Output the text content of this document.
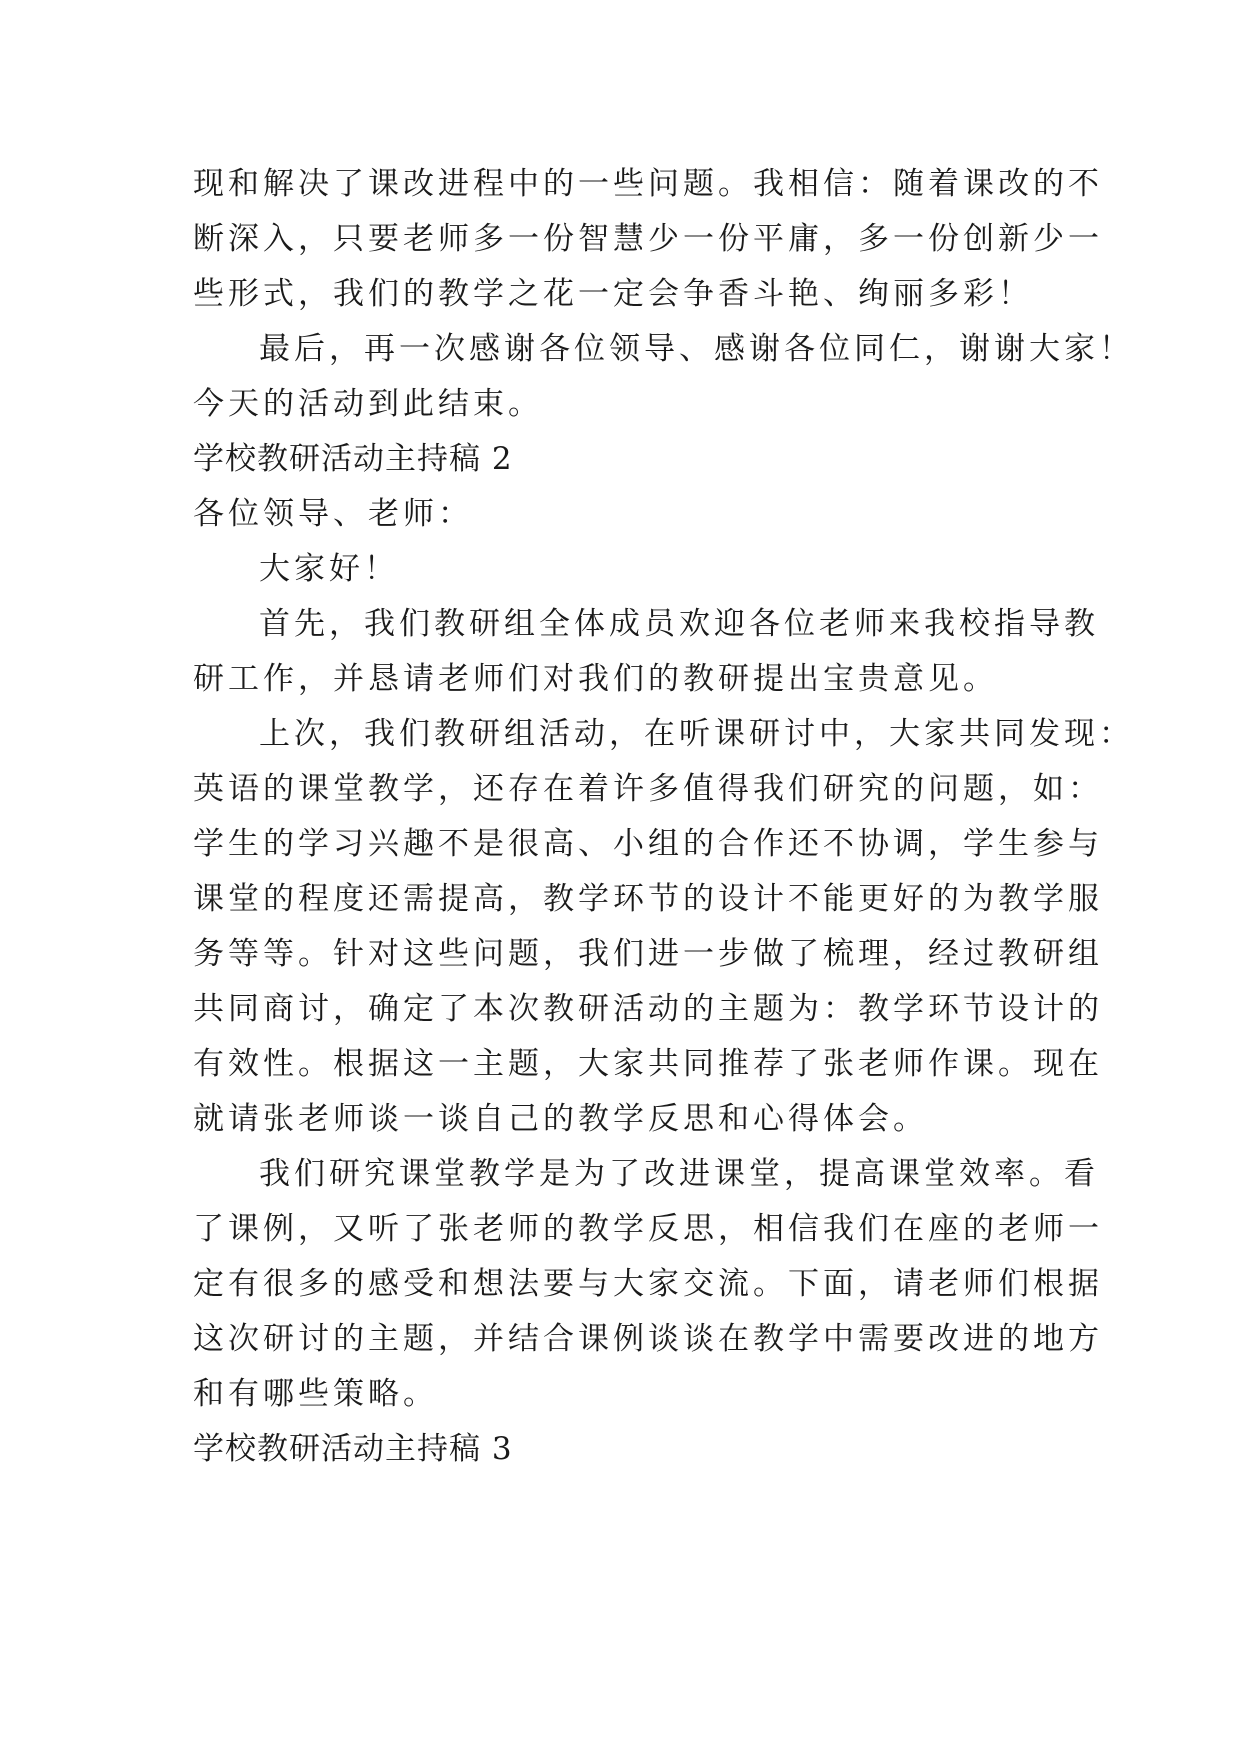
现和解决了课改进程中的一些问题。我相信：随着课改的不
断深入，只要老师多一份智慧少一份平庸，多一份创新少一
些形式，我们的教学之花一定会争香斗艳、绚丽多彩！
最后，再一次感谢各位领导、感谢各位同仁，谢谢大家！
今天的活动到此结束。
学校教研活动主持稿 2
各位领导、老师：
大家好！
首先，我们教研组全体成员欢迎各位老师来我校指导教
研工作，并恳请老师们对我们的教研提出宝贵意见。
上次，我们教研组活动，在听课研讨中，大家共同发现：
英语的课堂教学，还存在着许多值得我们研究的问题，如：
学生的学习兴趣不是很高、小组的合作还不协调，学生参与
课堂的程度还需提高，教学环节的设计不能更好的为教学服
务等等。针对这些问题，我们进一步做了梳理，经过教研组
共同商讨，确定了本次教研活动的主题为：教学环节设计的
有效性。根据这一主题，大家共同推荐了张老师作课。现在
就请张老师谈一谈自己的教学反思和心得体会。
我们研究课堂教学是为了改进课堂，提高课堂效率。看
了课例，又听了张老师的教学反思，相信我们在座的老师一
定有很多的感受和想法要与大家交流。下面，请老师们根据
这次研讨的主题，并结合课例谈谈在教学中需要改进的地方
和有哪些策略。
学校教研活动主持稿 3
